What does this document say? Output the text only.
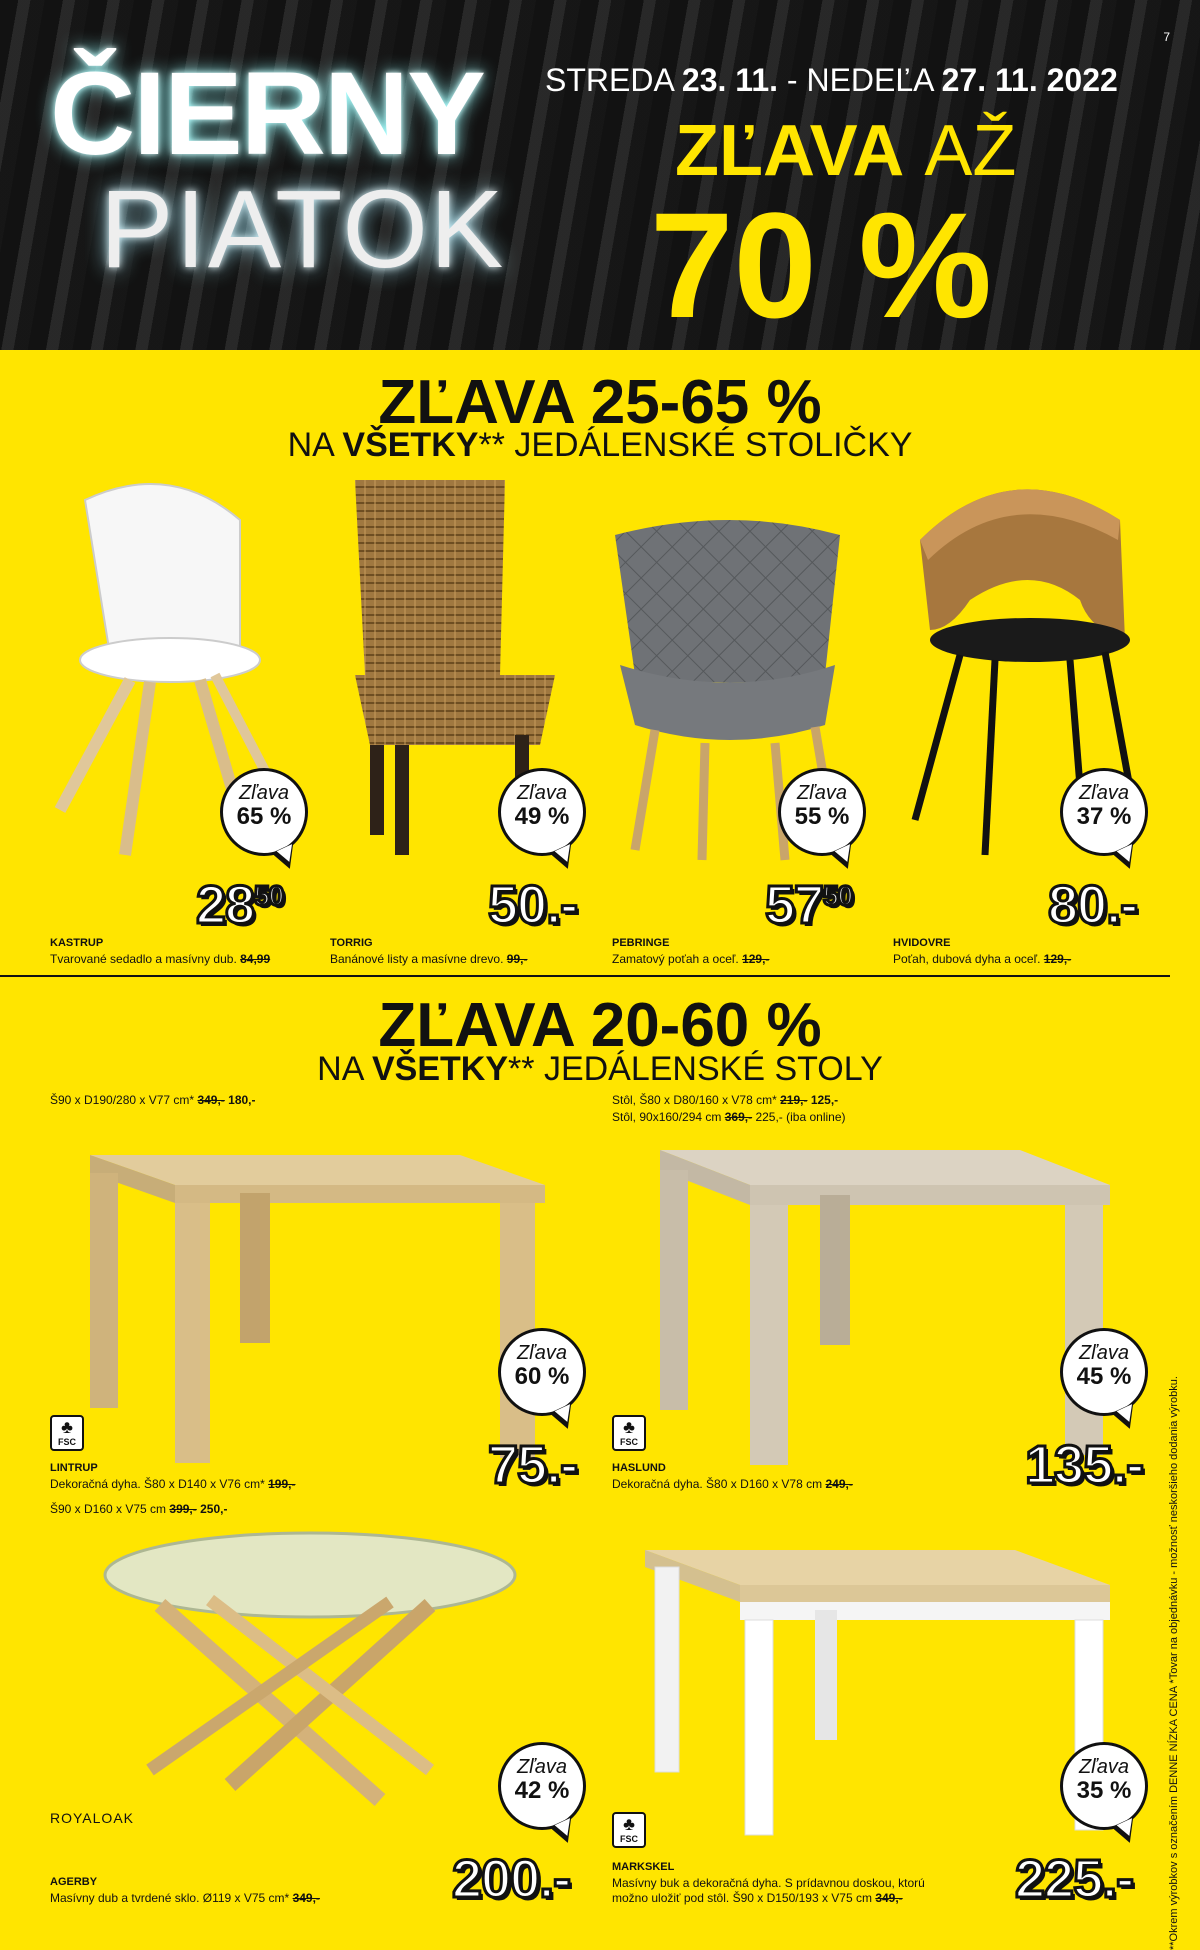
7
ČIERNY
PIATOK
STREDA 23. 11. - NEDEĽA 27. 11. 2022
ZĽAVA AŽ
70 %
ZĽAVA 25-65 %
NA VŠETKY** JEDÁLENSKÉ STOLIČKY
Zľava
65 %
Zľava
49 %
Zľava
55 %
Zľava
37 %
$28^{50}$	50.-	$57^{50}$	80.-
KASTRUP
Tvarované sedadlo a masívny dub. 84,99
TORRIG
Banánové listy a masívne drevo. 99,-
PEBRINGE
Zamatový poťah a oceľ. 129,-
HVIDOVRE
Poťah, dubová dyha a oceľ. 129,-
ZĽAVA 20-60 %
NA VŠETKY** JEDÁLENSKÉ STOLY
Š90 x D190/280 x V77 cm* 349,- 180,-	Stôl, Š80 x D80/160 x V78 cm* 219,- 125,-
Stôl, 90x160/294 cm 369,- 225,- (iba online)
Zľava
60 %
Zľava
45 %
Zľava
42 %
Zľava
35 %
75.-	135.-
200.-	225.-
♣
FSC
♣
FSC
♣
FSC
ROYALOAK
LINTRUP
Dekoračná dyha. Š80 x D140 x V76 cm* 199,-
Š90 x D160 x V75 cm 399,- 250,-
HASLUND
Dekoračná dyha. Š80 x D160 x V78 cm 249,-
AGERBY
Masívny dub a tvrdené sklo. Ø119 x V75 cm* 349,-
MARKSKEL
Masívny buk a dekoračná dyha. S prídavnou doskou, ktorú
možno uložiť pod stôl. Š90 x D150/193 x V75 cm 349,-	**Okrem výrobkov s označením DENNE NÍZKA CENA *Tovar na objednávku - možnosť neskoršieho dodania výrobku.
